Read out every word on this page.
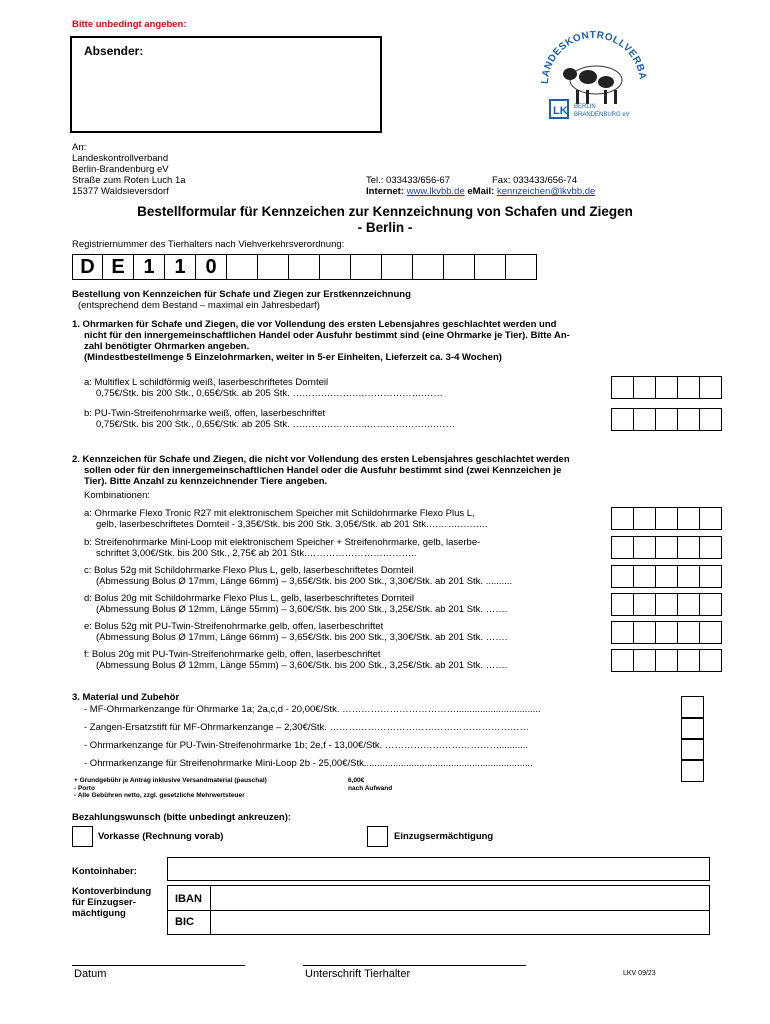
Bitte unbedingt angeben:
Absender:
LANDESKONTROLLVERBA
LK BERLIN
BRANDENBURG eV
An:
Landeskontrollverband
Berlin-Brandenburg eV
Straße zum Roten Luch 1a
15377 Waldsieversdorf
Tel.: 033433/656-67	Fax: 033433/656-74
Internet: www.lkvbb.de eMail: kennzeichen@lkvbb.de
Bestellformular für Kennzeichen zur Kennzeichnung von Schafen und Ziegen
- Berlin -
Registriernummer des Tierhalters nach Viehverkehrsverordnung:
D E 1 1 0
Bestellung von Kennzeichen für Schafe und Ziegen zur Erstkennzeichnung
(entsprechend dem Bestand – maximal ein Jahresbedarf)
1. Ohrmarken für Schafe und Ziegen, die vor Vollendung des ersten Lebensjahres geschlachtet werden und
nicht für den innergemeinschaftlichen Handel oder Ausfuhr bestimmt sind (eine Ohrmarke je Tier). Bitte An-
zahl benötigter Ohrmarken angeben.
(Mindestbestellmenge 5 Einzelohrmarken, weiter in 5-er Einheiten, Lieferzeit ca. 3-4 Wochen)
a: Multiflex L schildförmig weiß, laserbeschriftetes Dornteil
0,75€/Stk. bis 200 Stk., 0,65€/Stk. ab 205 Stk. ……….………….……………….……
b: PU-Twin-Streifenohrmarke weiß, offen, laserbeschriftet
0,75€/Stk. bis 200 Stk., 0,65€/Stk. ab 205 Stk. ……….…………..………………….……
2. Kennzeichen für Schafe und Ziegen, die nicht vor Vollendung des ersten Lebensjahres geschlachtet werden
sollen oder für den innergemeinschaftlichen Handel oder die Ausfuhr bestimmt sind (zwei Kennzeichen je
Tier). Bitte Anzahl zu kennzeichnender Tiere angeben.
Kombinationen:
a: Ohrmarke Flexo Tronic R27 mit elektronischem Speicher mit Schildohrmarke Flexo Plus L,
gelb, laserbeschriftetes Dornteil - 3,35€/Stk. bis 200 Stk. 3,05€/Stk. ab 201 Stk.………….……
b: Streifenohrmarke Mini-Loop mit elektronischem Speicher + Streifenohrmarke, gelb, laserbe-
schriftet 3,00€/Stk. bis 200 Stk., 2,75€ ab 201 Stk.……………………………..
c: Bolus 52g mit Schildohrmarke Flexo Plus L, gelb, laserbeschriftetes Dornteil
(Abmessung Bolus Ø 17mm, Länge 66mm) – 3,65€/Stk. bis 200 Stk., 3,30€/Stk. ab 201 Stk. ..........
d: Bolus 20g mit Schildohrmarke Flexo Plus L, gelb, laserbeschriftetes Dornteil
(Abmessung Bolus Ø 12mm, Länge 55mm) – 3,60€/Stk. bis 200 Stk., 3,25€/Stk. ab 201 Stk. …….
e: Bolus 52g mit PU-Twin-Streifenohrmarke gelb, offen, laserbeschriftet
(Abmessung Bolus Ø 17mm, Länge 66mm) – 3,65€/Stk. bis 200 Stk., 3,30€/Stk. ab 201 Stk. …….
f: Bolus 20g mit PU-Twin-Streifenohrmarke gelb, offen, laserbeschriftet
(Abmessung Bolus Ø 12mm, Länge 55mm) – 3,60€/Stk. bis 200 Stk., 3,25€/Stk. ab 201 Stk. …….
3. Material und Zubehör
- MF-Ohrmarkenzange für Ohrmarke 1a; 2a,c,d - 20,00€/Stk. ………………………………................................
- Zangen-Ersatzstift für MF-Ohrmarkenzange – 2,30€/Stk. ………………………………………………………
- Ohrmarkenzange für PU-Twin-Streifenohrmarke 1b; 2e,f - 13,00€/Stk. ………………………………...........
- Ohrmarkenzange für Streifenohrmarke Mini-Loop 2b - 25,00€/Stk................................................................
+ Grundgebühr je Antrag inklusive Versandmaterial (pauschal)
- Porto
- Alle Gebühren netto, zzgl. gesetzliche Mehrwertsteuer
6,00€
nach Aufwand
Bezahlungswunsch (bitte unbedingt ankreuzen):
Vorkasse (Rechnung vorab)	Einzugsermächtigung
Kontoinhaber:
Kontoverbindung
für Einzugser-
mächtigung
IBAN
BIC
Datum	Unterschrift Tierhalter	LKV 09/23
